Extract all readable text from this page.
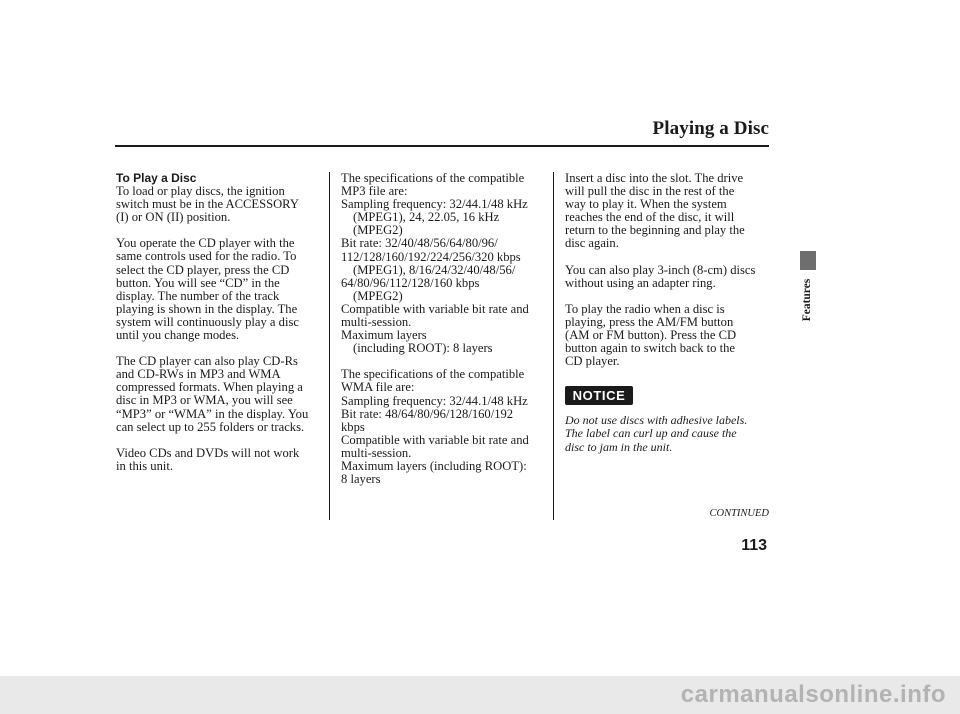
Playing a Disc

To Play a Disc

To load or play discs, the ignition
switch must be in the ACCESSORY
(I) or ON (II) position.

You operate the CD player with the
same controls used for the radio. To
select the CD player, press the CD
button. You will see “CD” in the
display. The number of the track
playing is shown in the display. The
system will continuously play a disc
until you change modes.

The CD player can also play CD-Rs
and CD-RWs in MP3 and WMA
compressed formats. When playing a
disc in MP3 or WMA, you will see
“MP3” or “WMA” in the display. You
can select up to 255 folders or tracks.

Video CDs and DVDs will not work
in this unit.

The specifications of the compatible
MP3 file are:

Sampling frequency: 32/44.1/48 kHz

(MPEG1), 24, 22.05, 16 kHz
(MPEG2)

Bit rate: 32/40/48/56/64/80/96/
112/128/160/192/224/256/320 kbps

(MPEG1), 8/16/24/32/40/48/56/

64/80/96/112/128/160 kbps

(MPEG2)

Compatible with variable bit rate and
multi-session.

Maximum layers

(including ROOT): 8 layers

The specifications of the compatible
WMA file are:

Sampling frequency: 32/44.1/48 kHz

Bit rate: 48/64/80/96/128/160/192
kbps

Compatible with variable bit rate and
multi-session.

Maximum layers (including ROOT):
8 layers

Insert a disc into the slot. The drive
will pull the disc in the rest of the
way to play it. When the system
reaches the end of the disc, it will
return to the beginning and play the
disc again.

You can also play 3-inch (8-cm) discs
without using an adapter ring.

To play the radio when a disc is
playing, press the AM/FM button
(AM or FM button). Press the CD
button again to switch back to the
CD player.

NOTICE
Do not use discs with adhesive labels.
The label can curl up and cause the
disc to jam in the unit.
CONTINUED
113
Features
carmanualsonline.info
